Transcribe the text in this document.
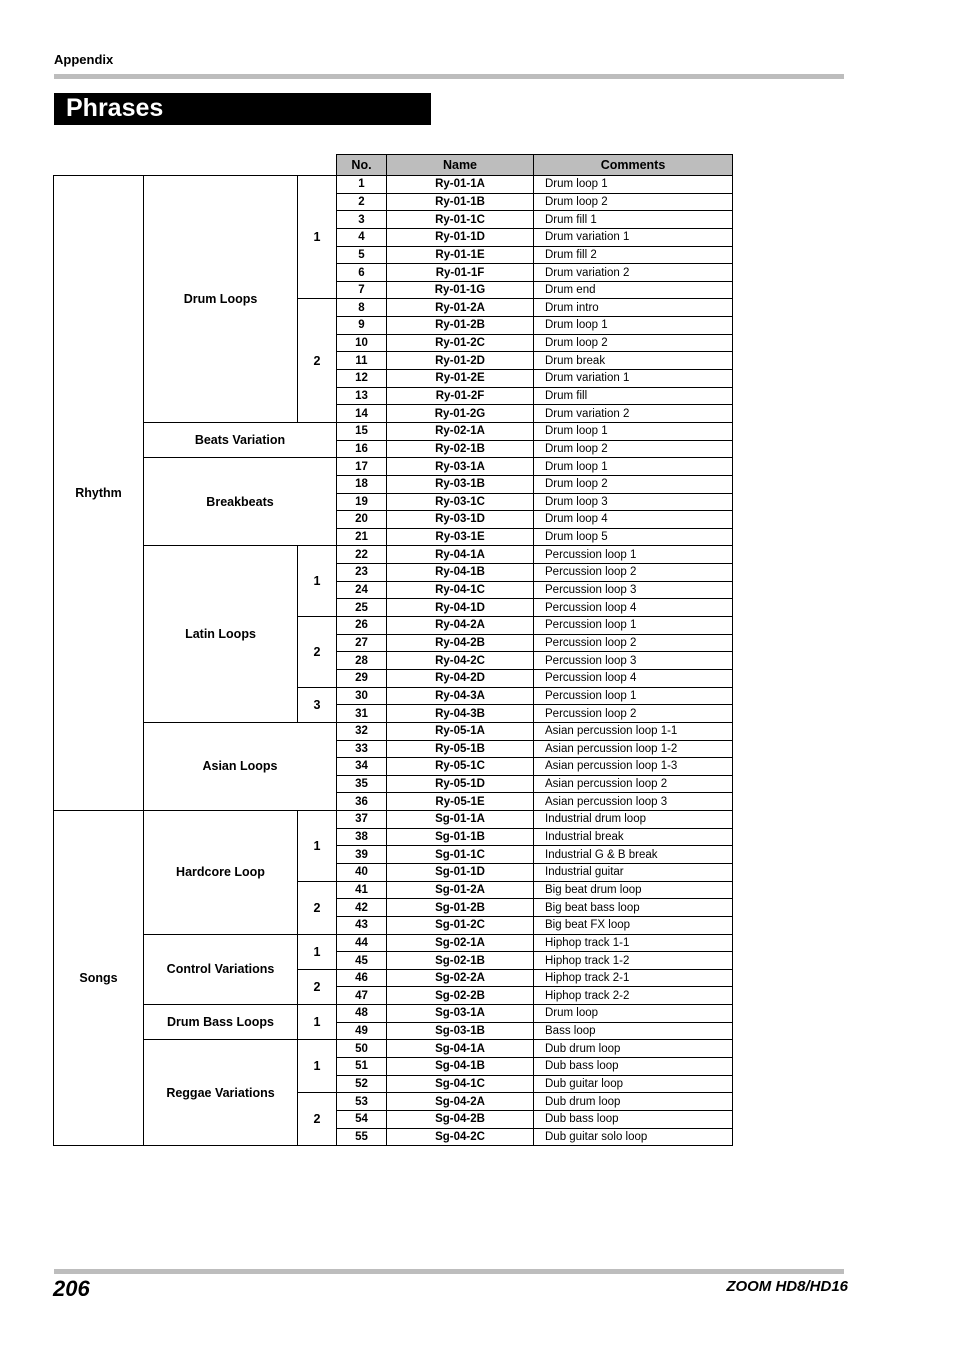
Appendix
Phrases
			No.	Name	Comments
Rhythm	Drum Loops	1	1	Ry-01-1A	Drum loop 1
			2	Ry-01-1B	Drum loop 2
			3	Ry-01-1C	Drum fill 1
			4	Ry-01-1D	Drum variation 1
			5	Ry-01-1E	Drum fill 2
			6	Ry-01-1F	Drum variation 2
			7	Ry-01-1G	Drum end
		2	8	Ry-01-2A	Drum intro
			9	Ry-01-2B	Drum loop 1
			10	Ry-01-2C	Drum loop 2
			11	Ry-01-2D	Drum break
			12	Ry-01-2E	Drum variation 1
			13	Ry-01-2F	Drum fill
			14	Ry-01-2G	Drum variation 2
	Beats Variation		15	Ry-02-1A	Drum loop 1
			16	Ry-02-1B	Drum loop 2
	Breakbeats		17	Ry-03-1A	Drum loop 1
			18	Ry-03-1B	Drum loop 2
			19	Ry-03-1C	Drum loop 3
			20	Ry-03-1D	Drum loop 4
			21	Ry-03-1E	Drum loop 5
	Latin Loops	1	22	Ry-04-1A	Percussion loop 1
			23	Ry-04-1B	Percussion loop 2
			24	Ry-04-1C	Percussion loop 3
			25	Ry-04-1D	Percussion loop 4
		2	26	Ry-04-2A	Percussion loop 1
			27	Ry-04-2B	Percussion loop 2
			28	Ry-04-2C	Percussion loop 3
			29	Ry-04-2D	Percussion loop 4
		3	30	Ry-04-3A	Percussion loop 1
			31	Ry-04-3B	Percussion loop 2
	Asian Loops		32	Ry-05-1A	Asian percussion loop 1-1
			33	Ry-05-1B	Asian percussion loop 1-2
			34	Ry-05-1C	Asian percussion loop 1-3
			35	Ry-05-1D	Asian percussion loop 2
			36	Ry-05-1E	Asian percussion loop 3
Songs	Hardcore Loop	1	37	Sg-01-1A	Industrial drum loop
			38	Sg-01-1B	Industrial break
			39	Sg-01-1C	Industrial G & B break
			40	Sg-01-1D	Industrial guitar
		2	41	Sg-01-2A	Big beat drum loop
			42	Sg-01-2B	Big beat bass loop
			43	Sg-01-2C	Big beat FX loop
	Control Variations	1	44	Sg-02-1A	Hiphop track 1-1
			45	Sg-02-1B	Hiphop track 1-2
		2	46	Sg-02-2A	Hiphop track 2-1
			47	Sg-02-2B	Hiphop track 2-2
	Drum Bass Loops	1	48	Sg-03-1A	Drum loop
			49	Sg-03-1B	Bass loop
	Reggae Variations	1	50	Sg-04-1A	Dub drum loop
			51	Sg-04-1B	Dub bass loop
			52	Sg-04-1C	Dub guitar loop
		2	53	Sg-04-2A	Dub drum loop
			54	Sg-04-2B	Dub bass loop
			55	Sg-04-2C	Dub guitar solo loop
206	ZOOM HD8/HD16
